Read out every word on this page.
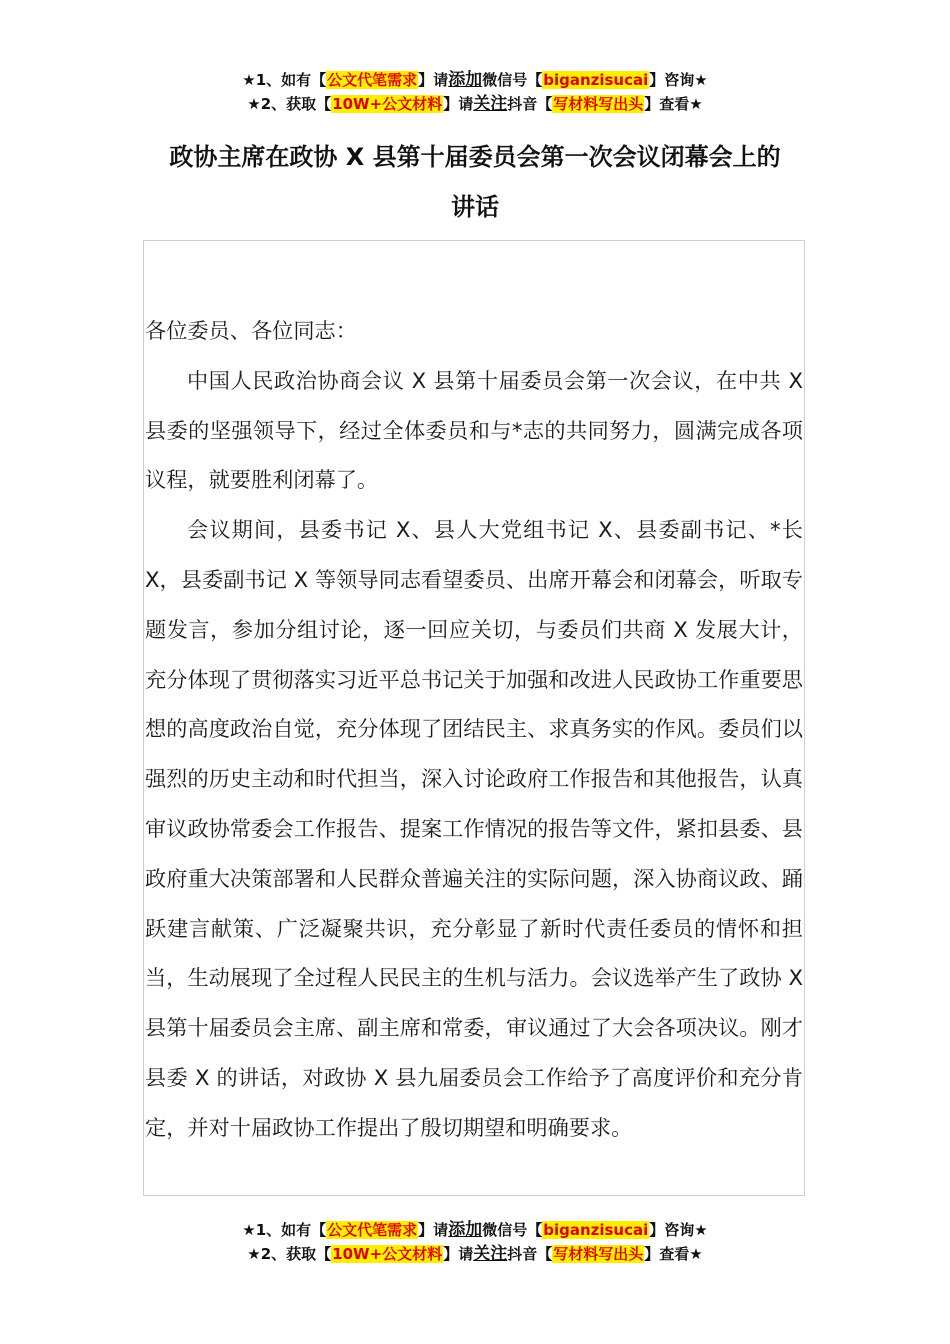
★1、如有【公文代笔需求】请添加微信号【biganzisucai】咨询★
★2、获取【10W+公文材料】请关注抖音【写材料写出头】查看★
政协主席在政协 X 县第十届委员会第一次会议闭幕会上的
讲话

各位委员、各位同志：

中国人民政治协商会议 X 县第十届委员会第一次会议，在中共 X 县委的坚强领导下，经过全体委员和与*志的共同努力，圆满完成各项议程，就要胜利闭幕了。

会议期间，县委书记 X、县人大党组书记 X、县委副书记、*长 X，县委副书记 X 等领导同志看望委员、出席开幕会和闭幕会，听取专题发言，参加分组讨论，逐一回应关切，与委员们共商 X 发展大计，充分体现了贯彻落实习近平总书记关于加强和改进人民政协工作重要思想的高度政治自觉，充分体现了团结民主、求真务实的作风。委员们以强烈的历史主动和时代担当，深入讨论政府工作报告和其他报告，认真审议政协常委会工作报告、提案工作情况的报告等文件，紧扣县委、县政府重大决策部署和人民群众普遍关注的实际问题，深入协商议政、踊跃建言献策、广泛凝聚共识，充分彰显了新时代责任委员的情怀和担当，生动展现了全过程人民民主的生机与活力。会议选举产生了政协 X 县第十届委员会主席、副主席和常委，审议通过了大会各项决议。刚才县委 X 的讲话，对政协 X 县九届委员会工作给予了高度评价和充分肯定，并对十届政协工作提出了殷切期望和明确要求。

★1、如有【公文代笔需求】请添加微信号【biganzisucai】咨询★
★2、获取【10W+公文材料】请关注抖音【写材料写出头】查看★
